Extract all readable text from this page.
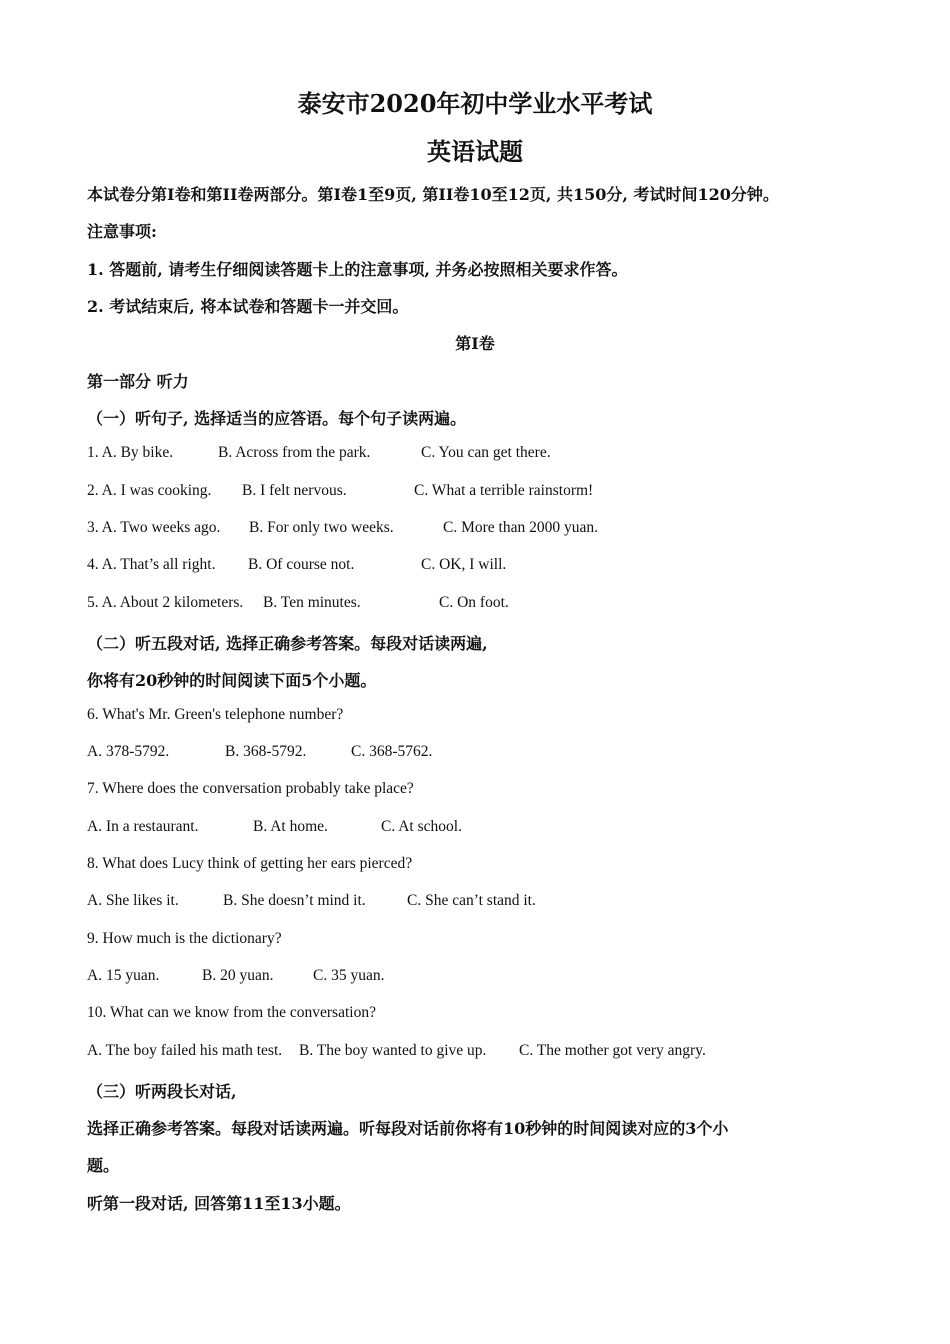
泰安市2020年初中学业水平考试
英语试题
本试卷分第I卷和第II卷两部分。第I卷1至9页, 第II卷10至12页, 共150分, 考试时间120分钟。
注意事项:
1. 答题前, 请考生仔细阅读答题卡上的注意事项, 并务必按照相关要求作答。
2. 考试结束后, 将本试卷和答题卡一并交回。
第I卷
第一部分 听力
（一）听句子, 选择适当的应答语。每个句子读两遍。
1. A. By bike.	B. Across from the park.	C. You can get there.
2. A. I was cooking. B. I felt nervous.	C. What a terrible rainstorm!
3. A. Two weeks ago. B. For only two weeks.	C. More than 2000 yuan.
4. A. That’s all right. B. Of course not.	C. OK, I will.
5. A. About 2 kilometers. B. Ten minutes.	C. On foot.
（二）听五段对话, 选择正确参考答案。每段对话读两遍,
你将有20秒钟的时间阅读下面5个小题。
6. What's Mr. Green's telephone number?
A. 378-5792.	B. 368-5792.	C. 368-5762.
7. Where does the conversation probably take place?
A. In a restaurant.	B. At home.	C. At school.
8. What does Lucy think of getting her ears pierced?
A. She likes it.	B. She doesn’t mind it.	C. She can’t stand it.
9. How much is the dictionary?
A. 15 yuan.	B. 20 yuan.	C. 35 yuan.
10. What can we know from the conversation?
A. The boy failed his math test. B. The boy wanted to give up. C. The mother got very angry.
（三）听两段长对话,
选择正确参考答案。每段对话读两遍。听每段对话前你将有10秒钟的时间阅读对应的3个小
题。
听第一段对话, 回答第11至13小题。
